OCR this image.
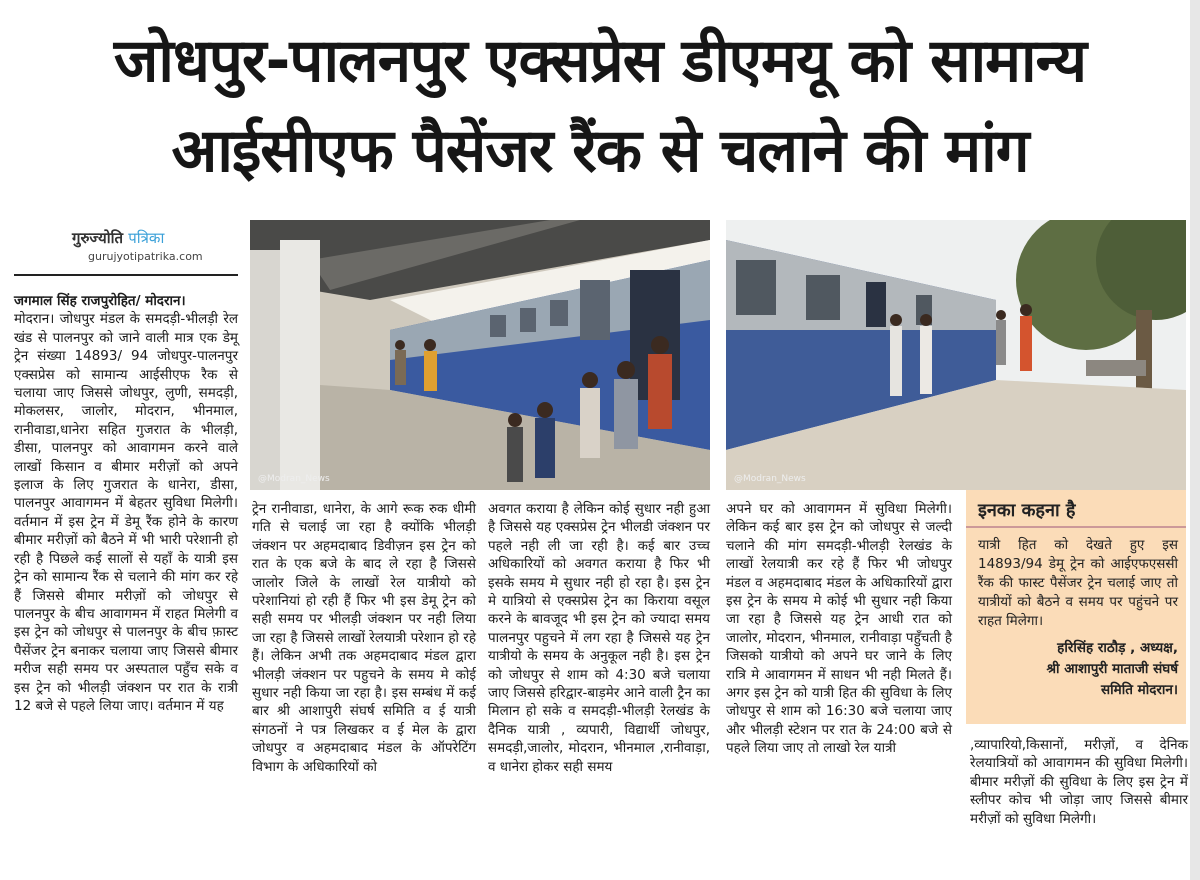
जोधपुर-पालनपुर एक्सप्रेस डीएमयू को सामान्य
आईसीएफ पैसेंजर रैंक से चलाने की मांग
गुरुज्योति पत्रिका
gurujyotipatrika.com

जगमाल सिंह राजपुरोहित/ मोदरान।

मोदरान। जोधपुर मंडल के समदड़ी-भीलड़ी रेल खंड से पालनपुर को जाने वाली मात्र एक डेमू ट्रेन संख्या 14893/ 94 जोधपुर-पालनपुर एक्सप्रेस को सामान्य आईसीएफ रैक से चलाया जाए जिससे जोधपुर, लुणी, समदड़ी, मोकलसर, जालोर, मोदरान, भीनमाल, रानीवाडा,धानेरा सहित गुजरात के भीलड़ी, डीसा, पालनपुर को आवागमन करने वाले लाखों किसान व बीमार मरीज़ों को अपने इलाज के लिए गुजरात के धानेरा, डीसा, पालनपुर आवागमन में बेहतर सुविधा मिलेगी। वर्तमान में इस ट्रेन में डेमू रैंक होने के कारण बीमार मरीज़ों को बैठने में भी भारी परेशानी हो रही है पिछले कई सालों से यहाँ के यात्री इस ट्रेन को सामान्य रैंक से चलाने की मांग कर रहे हैं जिससे बीमार मरीज़ों को जोधपुर से पालनपुर के बीच आवागमन में राहत मिलेगी व इस ट्रेन को जोधपुर से पालनपुर के बीच फ़ास्ट पैसेंजर ट्रेन बनाकर चलाया जाए जिससे बीमार मरीज सही समय पर अस्पताल पहुँच सके व इस ट्रेन को भीलड़ी जंक्शन पर रात के रात्री 12 बजे से पहले लिया जाए। वर्तमान में यह

@Modran_News	@Modran_News

ट्रेन रानीवाडा, धानेरा, के आगे रूक रुक धीमी गति से चलाई जा रहा है क्योंकि भीलड़ी जंक्शन पर अहमदाबाद डिवीज़न इस ट्रेन को रात के एक बजे के बाद ले रहा है जिससे जालोर जिले के लाखों रेल यात्रीयो को परेशानियां हो रही हैं फिर भी इस डेमू ट्रेन को सही समय पर भीलड़ी जंक्शन पर नही लिया जा रहा है जिससे लाखों रेलयात्री परेशान हो रहे हैं। लेकिन अभी तक अहमदाबाद मंडल द्वारा भीलड़ी जंक्शन पर पहुचने के समय मे कोई सुधार नही किया जा रहा है। इस सम्बंध में कई बार श्री आशापुरी संघर्ष समिति व ई यात्री संगठनों ने पत्र लिखकर व ई मेल के द्वारा जोधपुर व अहमदाबाद मंडल के ऑपरेटिंग विभाग के अधिकारियों को

अवगत कराया है लेकिन कोई सुधार नही हुआ है जिससे यह एक्सप्रेस ट्रेन भीलडी जंक्शन पर पहले नही ली जा रही है। कई बार उच्च अधिकारियों को अवगत कराया है फिर भी इसके समय मे सुधार नही हो रहा है। इस ट्रेन मे यात्रियो से एक्सप्रेस ट्रेन का किराया वसूल करने के बावजूद भी इस ट्रेन को ज्यादा समय पालनपुर पहुचने में लग रहा है जिससे यह ट्रेन यात्रीयो के समय के अनुकूल नही है। इस ट्रेन को जोधपुर से शाम को 4:30 बजे चलाया जाए जिससे हरिद्वार-बाड़मेर आने वाली ट्रैन का मिलान हो सके व समदड़ी-भीलड़ी रेलखंड के दैनिक यात्री , व्यपारी, विद्यार्थी जोधपुर, समदड़ी,जालोर, मोदरान, भीनमाल ,रानीवाड़ा, व धानेरा होकर सही समय

अपने घर को आवागमन में सुविधा मिलेगी। लेकिन कई बार इस ट्रेन को जोधपुर से जल्दी चलाने की मांग समदड़ी-भीलड़ी रेलखंड के लाखों रेलयात्री कर रहे हैं फिर भी जोधपुर मंडल व अहमदाबाद मंडल के अधिकारियों द्वारा इस ट्रेन के समय मे कोई भी सुधार नही किया जा रहा है जिससे यह ट्रेन आधी रात को जालोर, मोदरान, भीनमाल, रानीवाड़ा पहुँचती है जिसको यात्रीयो को अपने घर जाने के लिए रात्रि मे आवागमन में साधन भी नही मिलते हैं। अगर इस ट्रेन को यात्री हित की सुविधा के लिए जोधपुर से शाम को 16:30 बजे चलाया जाए और भीलड़ी स्टेशन पर रात के 24:00 बजे से पहले लिया जाए तो लाखो रेल यात्री

इनका कहना है
यात्री हित को देखते हुए इस 14893/94 डेमू ट्रेन को आईएफएससी रैंक की फास्ट पैसेंजर ट्रेन चलाई जाए तो यात्रीयों को बैठने व समय पर पहुंचने पर राहत मिलेगा।
हरिसिंह राठौड़ , अध्यक्ष,
श्री आशापुरी माताजी संघर्ष
समिति मोदरान।

,व्यापारियो,किसानों, मरीज़ों, व देनिक रेलयात्रियों को आवागमन की सुविधा मिलेगी। बीमार मरीज़ों की सुविधा के लिए इस ट्रेन में स्लीपर कोच भी जोड़ा जाए जिससे बीमार मरीज़ों को सुविधा मिलेगी।
